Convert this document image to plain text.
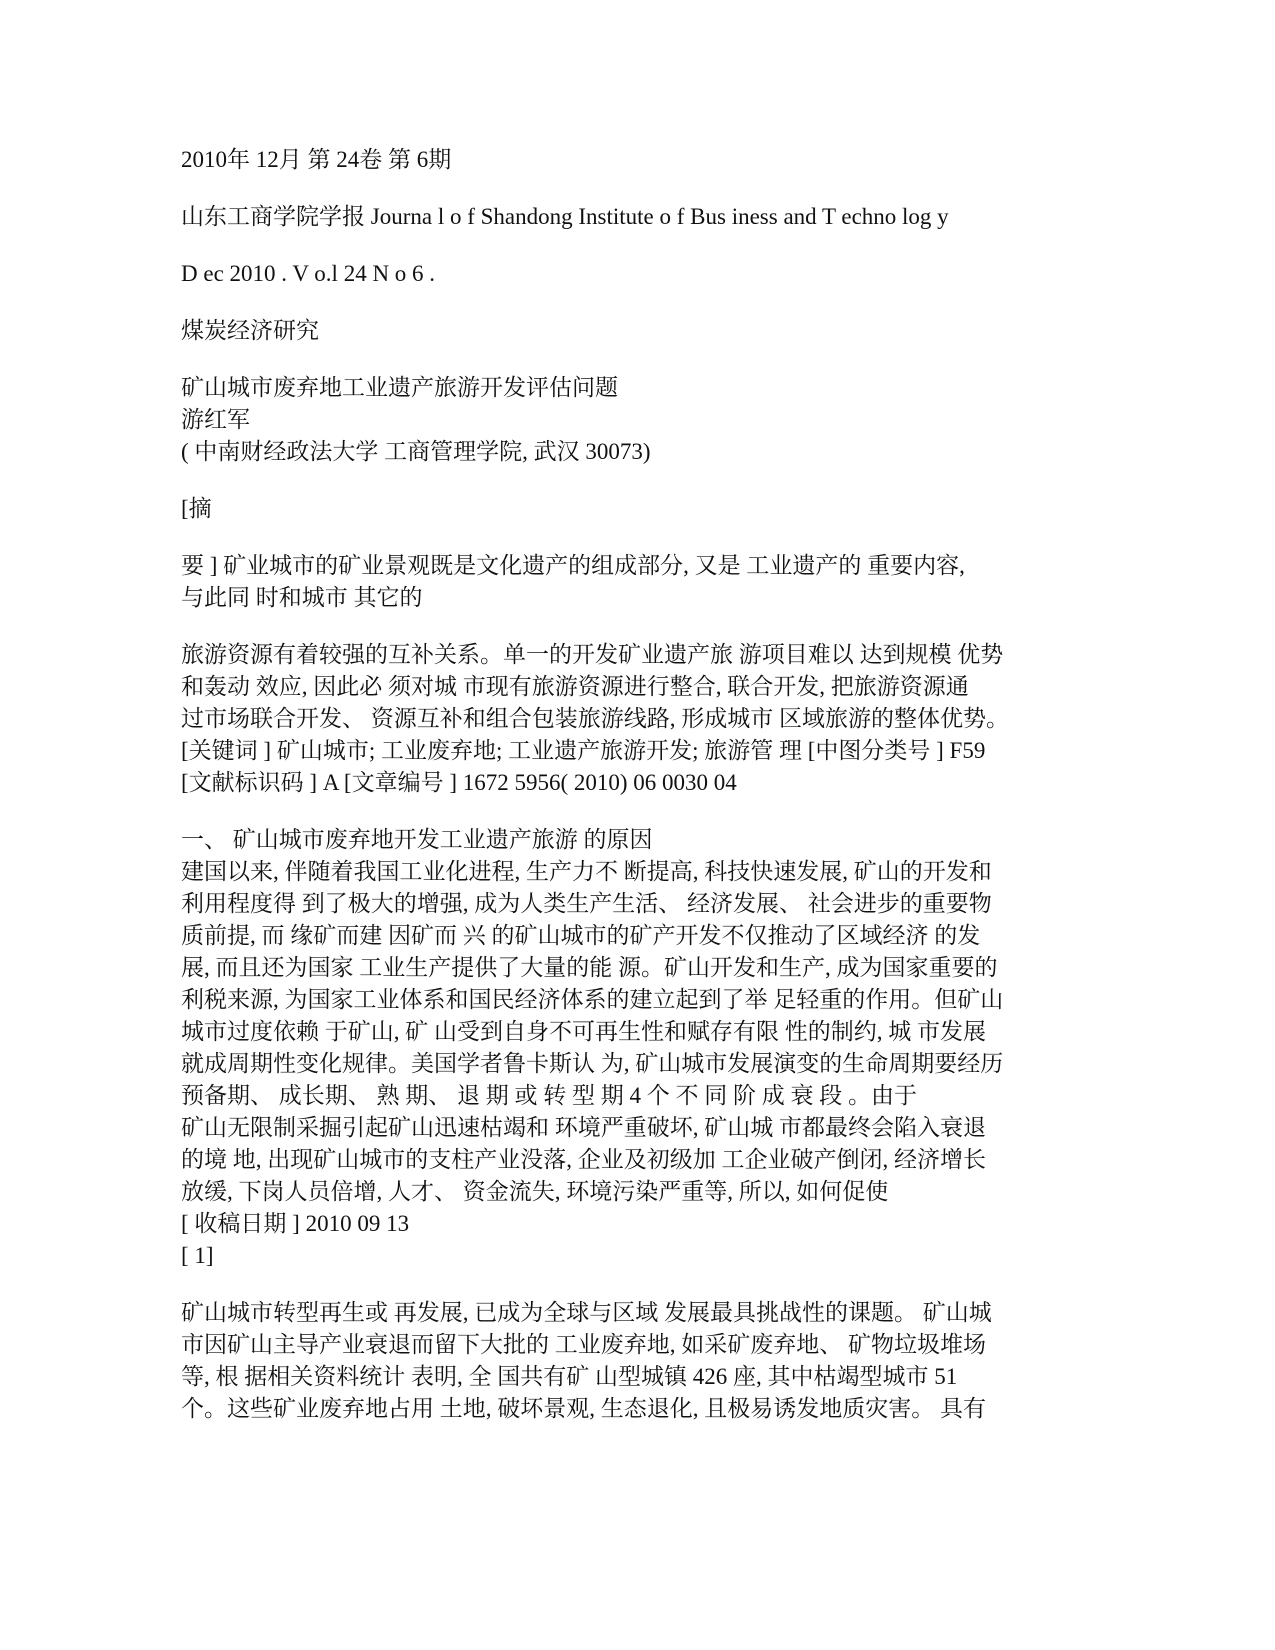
2010年 12月 第 24卷 第 6期
山东工商学院学报 Journa l o f Shandong Institute o f Bus iness and T echno log y
D ec 2010 . V o.l 24 N o 6 .
煤炭经济研究
矿山城市废弃地工业遗产旅游开发评估问题
游红军
( 中南财经政法大学 工商管理学院, 武汉 30073)
[摘
要 ] 矿业城市的矿业景观既是文化遗产的组成部分, 又是 工业遗产的 重要内容,
与此同 时和城市 其它的
旅游资源有着较强的互补关系。单一的开发矿业遗产旅 游项目难以 达到规模 优势
和轰动 效应, 因此必 须对城 市现有旅游资源进行整合, 联合开发, 把旅游资源通
过市场联合开发、 资源互补和组合包装旅游线路, 形成城市 区域旅游的整体优势。
[关键词 ] 矿山城市; 工业废弃地; 工业遗产旅游开发; 旅游管 理 [中图分类号 ] F59
[文献标识码 ] A [文章编号 ] 1672 5956( 2010) 06 0030 04
一、 矿山城市废弃地开发工业遗产旅游 的原因
建国以来, 伴随着我国工业化进程, 生产力不 断提高, 科技快速发展, 矿山的开发和
利用程度得 到了极大的增强, 成为人类生产生活、 经济发展、 社会进步的重要物
质前提, 而 缘矿而建 因矿而 兴 的矿山城市的矿产开发不仅推动了区域经济 的发
展, 而且还为国家 工业生产提供了大量的能 源。矿山开发和生产, 成为国家重要的
利税来源, 为国家工业体系和国民经济体系的建立起到了举 足轻重的作用。但矿山
城市过度依赖 于矿山, 矿 山受到自身不可再生性和赋存有限 性的制约, 城 市发展
就成周期性变化规律。美国学者鲁卡斯认 为, 矿山城市发展演变的生命周期要经历
预备期、 成长期、 熟 期、 退 期 或 转 型 期 4 个 不 同 阶 成 衰 段 。由于
矿山无限制采掘引起矿山迅速枯竭和 环境严重破坏, 矿山城 市都最终会陷入衰退
的境 地, 出现矿山城市的支柱产业没落, 企业及初级加 工企业破产倒闭, 经济增长
放缓, 下岗人员倍增, 人才、 资金流失, 环境污染严重等, 所以, 如何促使
[ 收稿日期 ] 2010 09 13
[ 1]
矿山城市转型再生或 再发展, 已成为全球与区域 发展最具挑战性的课题。 矿山城
市因矿山主导产业衰退而留下大批的 工业废弃地, 如采矿废弃地、 矿物垃圾堆场
等, 根 据相关资料统计 表明, 全 国共有矿 山型城镇 426 座, 其中枯竭型城市 51
个。这些矿业废弃地占用 土地, 破坏景观, 生态退化, 且极易诱发地质灾害。 具有
